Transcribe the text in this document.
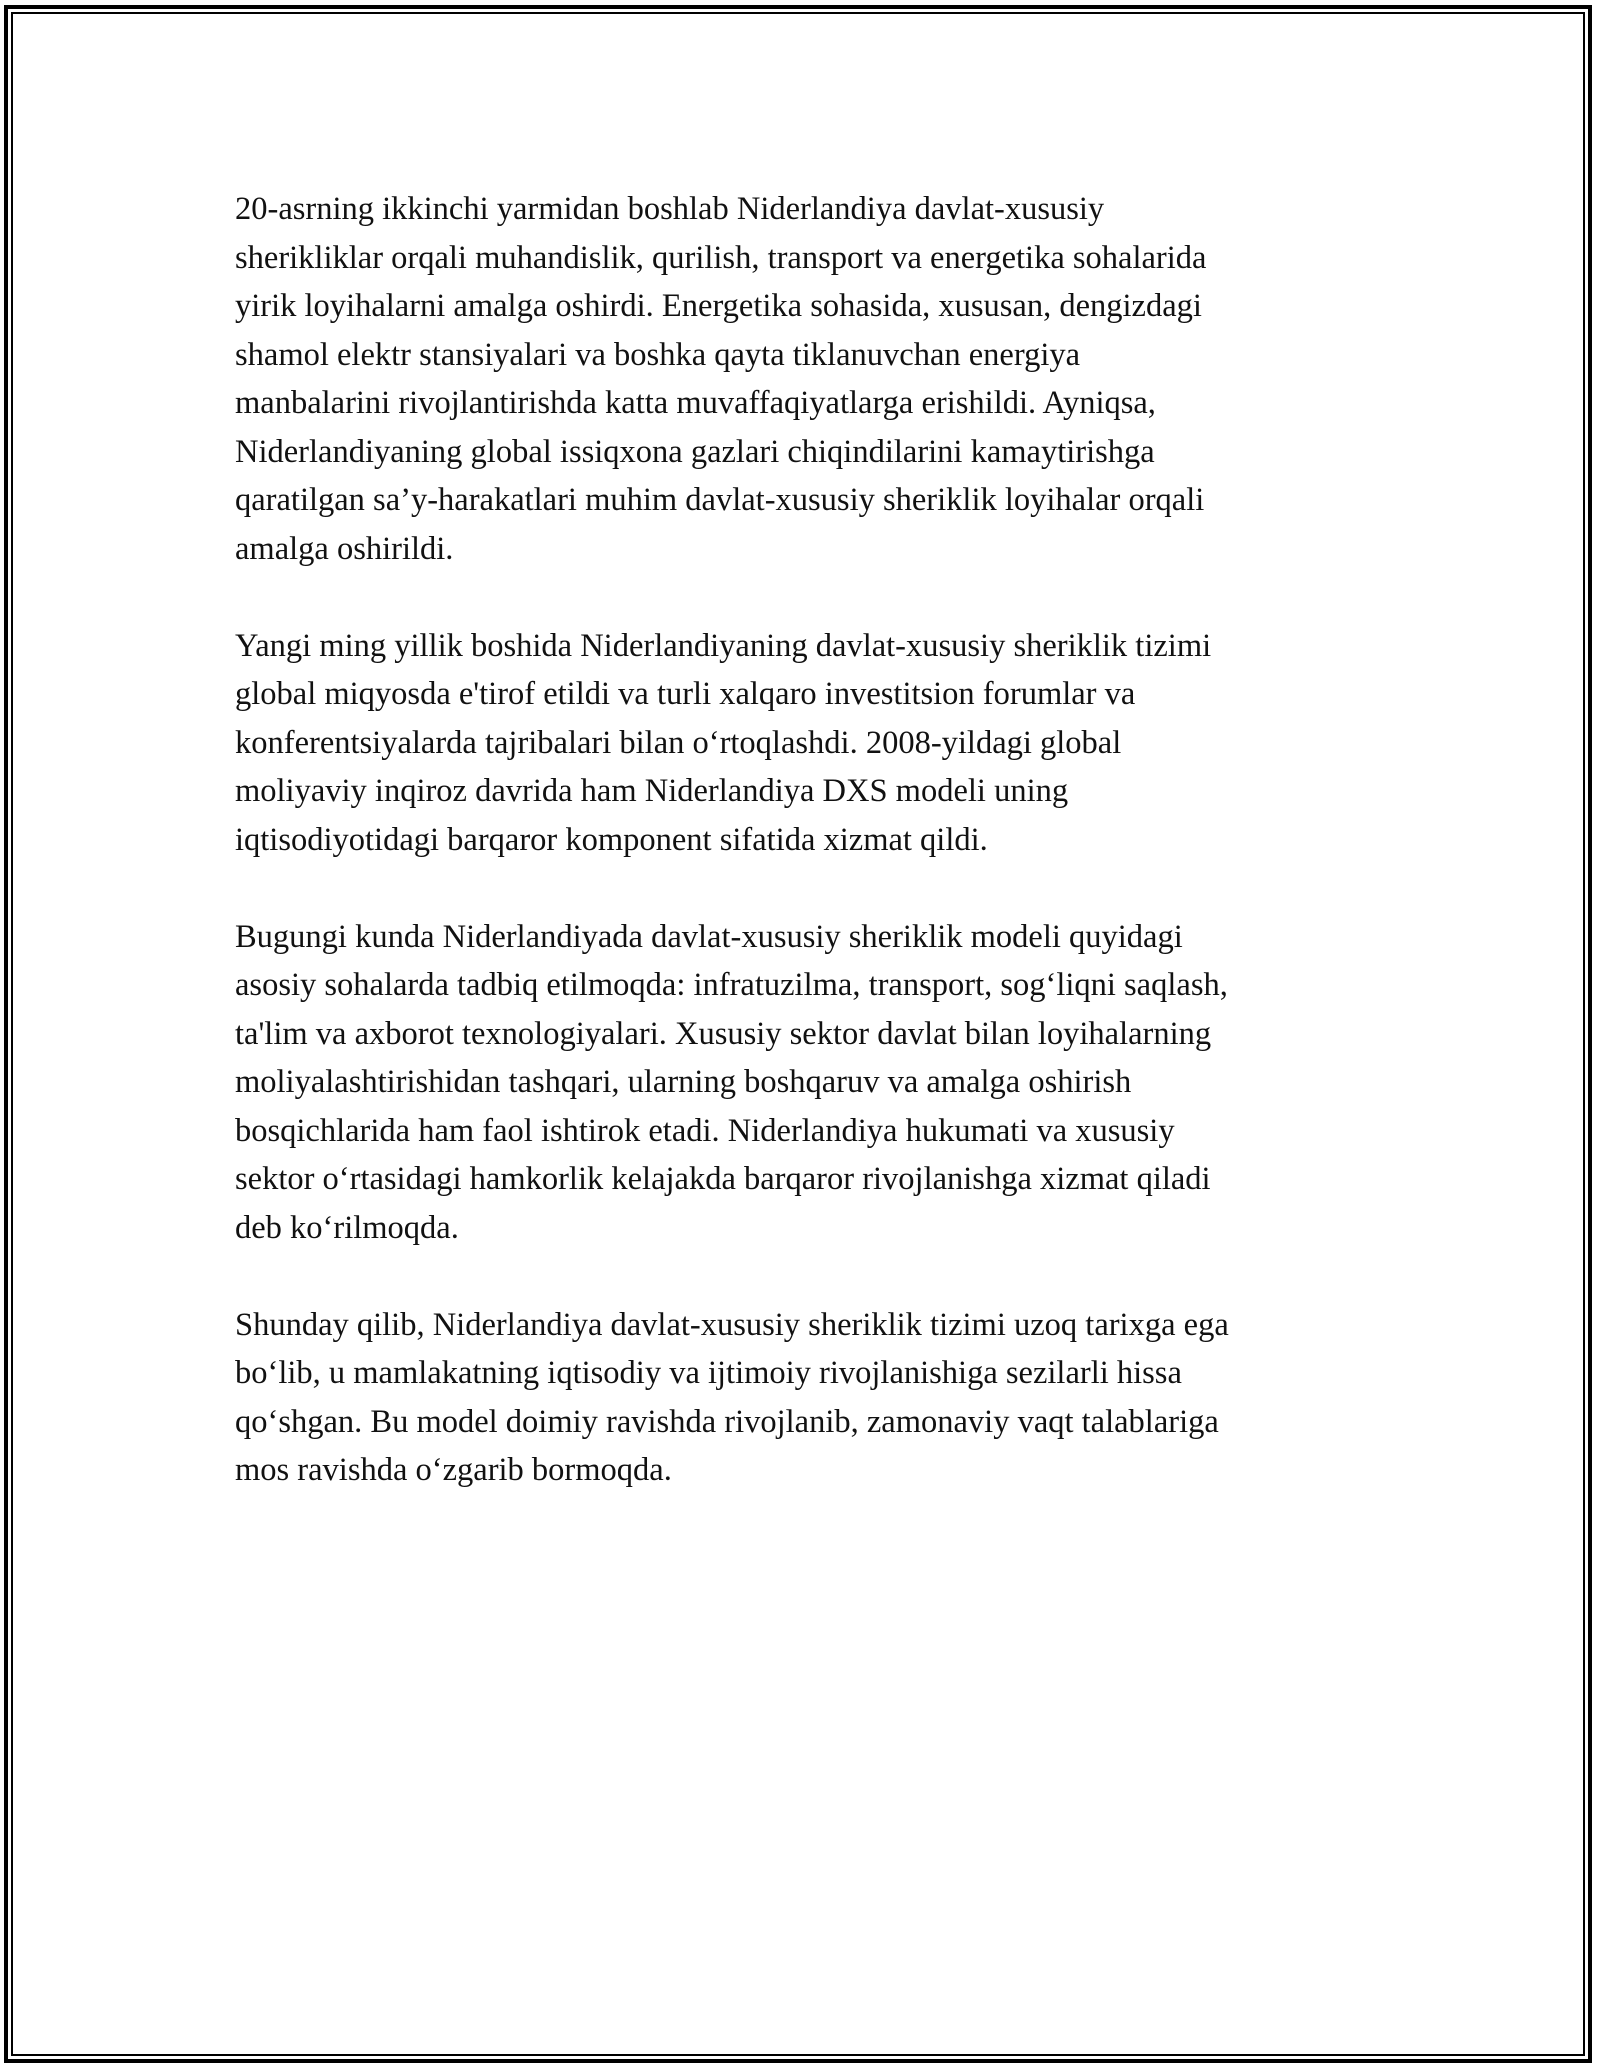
20-asrning ikkinchi yarmidan boshlab Niderlandiya davlat-xususiy
sherikliklar orqali muhandislik, qurilish, transport va energetika sohalarida
yirik loyihalarni amalga oshirdi. Energetika sohasida, xususan, dengizdagi
shamol elektr stansiyalari va boshka qayta tiklanuvchan energiya
manbalarini rivojlantirishda katta muvaffaqiyatlarga erishildi. Ayniqsa,
Niderlandiyaning global issiqxona gazlari chiqindilarini kamaytirishga
qaratilgan sa’y-harakatlari muhim davlat-xususiy sheriklik loyihalar orqali
amalga oshirildi.

Yangi ming yillik boshida Niderlandiyaning davlat-xususiy sheriklik tizimi
global miqyosda e'tirof etildi va turli xalqaro investitsion forumlar va
konferentsiyalarda tajribalari bilan oʻrtoqlashdi. 2008-yildagi global
moliyaviy inqiroz davrida ham Niderlandiya DXS modeli uning
iqtisodiyotidagi barqaror komponent sifatida xizmat qildi.

Bugungi kunda Niderlandiyada davlat-xususiy sheriklik modeli quyidagi
asosiy sohalarda tadbiq etilmoqda: infratuzilma, transport, sogʻliqni saqlash,
ta'lim va axborot texnologiyalari. Xususiy sektor davlat bilan loyihalarning
moliyalashtirishidan tashqari, ularning boshqaruv va amalga oshirish
bosqichlarida ham faol ishtirok etadi. Niderlandiya hukumati va xususiy
sektor oʻrtasidagi hamkorlik kelajakda barqaror rivojlanishga xizmat qiladi
deb koʻrilmoqda.

Shunday qilib, Niderlandiya davlat-xususiy sheriklik tizimi uzoq tarixga ega
boʻlib, u mamlakatning iqtisodiy va ijtimoiy rivojlanishiga sezilarli hissa
qoʻshgan. Bu model doimiy ravishda rivojlanib, zamonaviy vaqt talablariga
mos ravishda oʻzgarib bormoqda.
